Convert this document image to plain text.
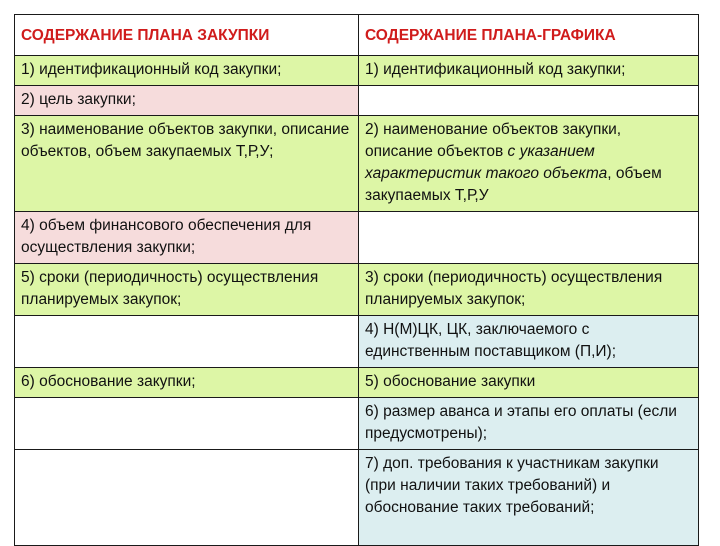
СОДЕРЖАНИЕ ПЛАНА ЗАКУПКИ	СОДЕРЖАНИЕ ПЛАНА-ГРАФИКА
1) идентификационный код закупки;	1) идентификационный код закупки;
2) цель закупки;	
3) наименование объектов закупки, описание объектов, объем закупаемых Т,Р,У;	2) наименование объектов закупки, описание объектов с указанием характеристик такого объекта, объем закупаемых Т,Р,У
4) объем финансового обеспечения для осуществления закупки;	
5) сроки (периодичность) осуществления планируемых закупок;	3) сроки (периодичность) осуществления планируемых закупок;
	4) Н(М)ЦК, ЦК, заключаемого с единственным поставщиком (П,И);
6) обоснование закупки;	5) обоснование закупки
	6) размер аванса и этапы его оплаты (если предусмотрены);
	7) доп. требования к участникам закупки (при наличии таких требований) и обоснование таких требований;
